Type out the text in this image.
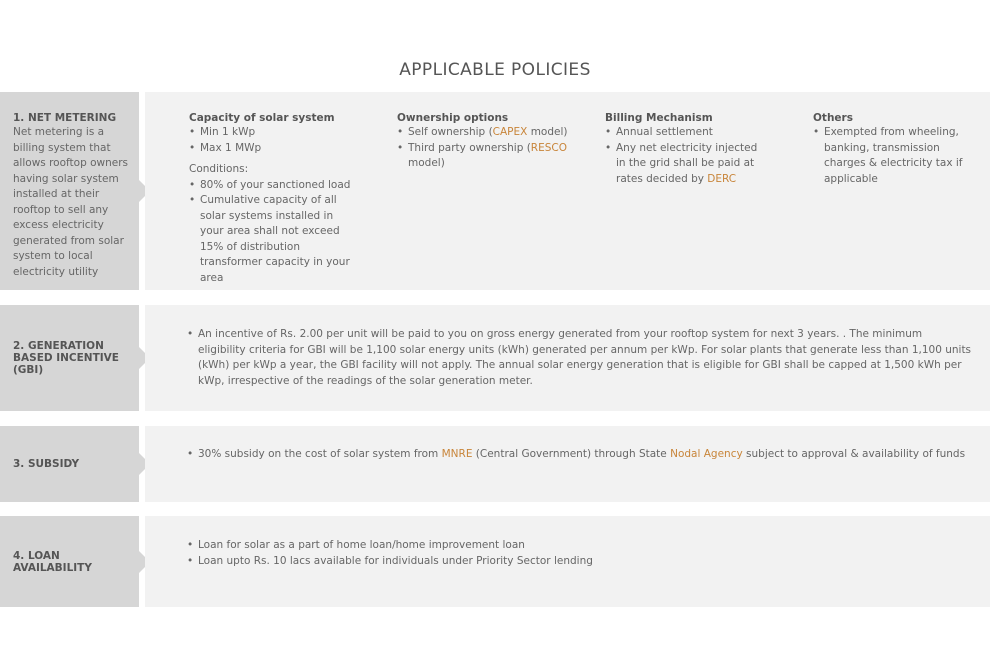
APPLICABLE POLICIES
1. NET METERING
Net metering is a billing system that allows rooftop owners having solar system installed at their rooftop to sell any excess electricity generated from solar system to local electricity utility
Capacity of solar system
• Min 1 kWp
• Max 1 MWp
Conditions:
• 80% of your sanctioned load
• Cumulative capacity of all solar systems installed in your area shall not exceed 15% of distribution transformer capacity in your area
Ownership options
• Self ownership (CAPEX model)
• Third party ownership (RESCO model)
Billing Mechanism
• Annual settlement
• Any net electricity injected in the grid shall be paid at rates decided by DERC
Others
• Exempted from wheeling, banking, transmission charges & electricity tax if applicable
2. GENERATION BASED INCENTIVE (GBI)
• An incentive of Rs. 2.00 per unit will be paid to you on gross energy generated from your rooftop system for next 3 years. . The minimum eligibility criteria for GBI will be 1,100 solar energy units (kWh) generated per annum per kWp. For solar plants that generate less than 1,100 units (kWh) per kWp a year, the GBI facility will not apply. The annual solar energy generation that is eligible for GBI shall be capped at 1,500 kWh per kWp, irrespective of the readings of the solar generation meter.
3. SUBSIDY
• 30% subsidy on the cost of solar system from MNRE (Central Government) through State Nodal Agency subject to approval & availability of funds
4. LOAN AVAILABILITY
• Loan for solar as a part of home loan/home improvement loan
• Loan upto Rs. 10 lacs available for individuals under Priority Sector lending
